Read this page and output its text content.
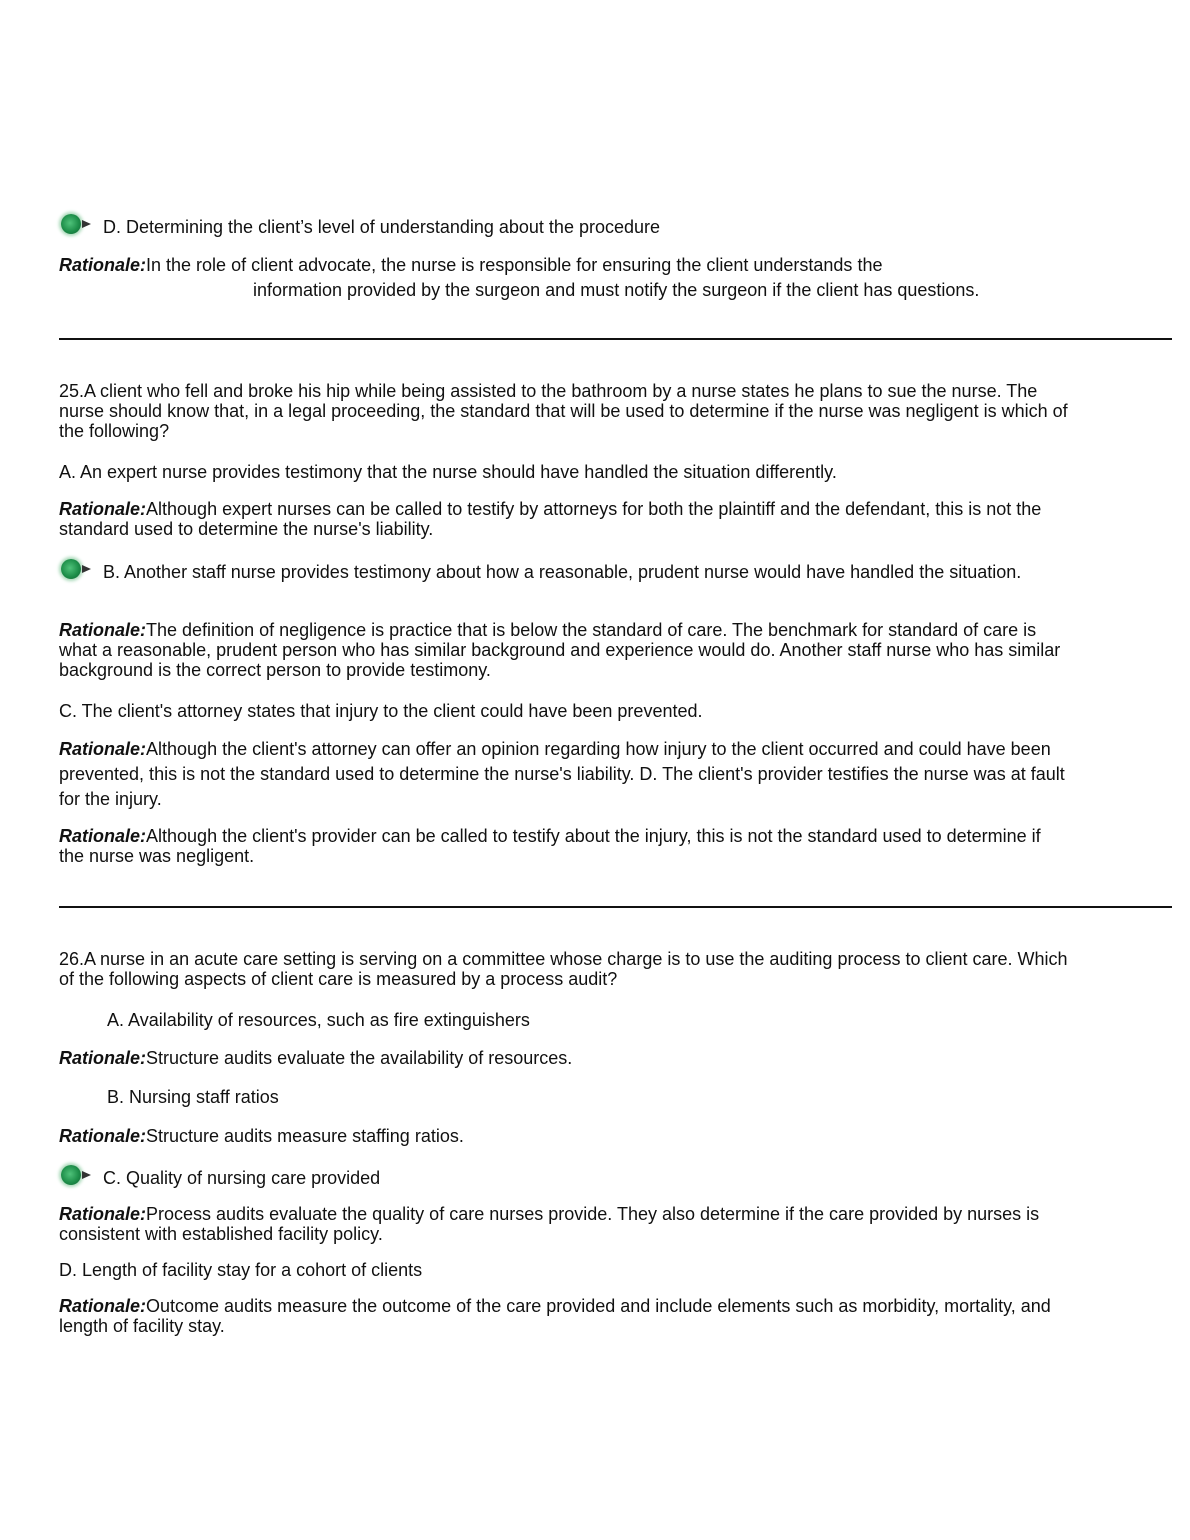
D. Determining the client’s level of understanding about the procedure

Rationale:In the role of client advocate, the nurse is responsible for ensuring the client understands the

information provided by the surgeon and must notify the surgeon if the client has questions.

25.A client who fell and broke his hip while being assisted to the bathroom by a nurse states he plans to sue the nurse. The nurse should know that, in a legal proceeding, the standard that will be used to determine if the nurse was negligent is which of the following?

A. An expert nurse provides testimony that the nurse should have handled the situation differently.

Rationale:Although expert nurses can be called to testify by attorneys for both the plaintiff and the defendant, this is not the standard used to determine the nurse's liability.

B. Another staff nurse provides testimony about how a reasonable, prudent nurse would have handled the situation.

Rationale:The definition of negligence is practice that is below the standard of care. The benchmark for standard of care is what a reasonable, prudent person who has similar background and experience would do. Another staff nurse who has similar background is the correct person to provide testimony.

C. The client's attorney states that injury to the client could have been prevented.

Rationale:Although the client's attorney can offer an opinion regarding how injury to the client occurred and could have been prevented, this is not the standard used to determine the nurse's liability. D. The client's provider testifies the nurse was at fault for the injury.

Rationale:Although the client's provider can be called to testify about the injury, this is not the standard used to determine if the nurse was negligent.

26.A nurse in an acute care setting is serving on a committee whose charge is to use the auditing process to client care. Which of the following aspects of client care is measured by a process audit?

A. Availability of resources, such as fire extinguishers

Rationale:Structure audits evaluate the availability of resources.

B. Nursing staff ratios

Rationale:Structure audits measure staffing ratios.

C. Quality of nursing care provided

Rationale:Process audits evaluate the quality of care nurses provide. They also determine if the care provided by nurses is consistent with established facility policy.

D. Length of facility stay for a cohort of clients

Rationale:Outcome audits measure the outcome of the care provided and include elements such as morbidity, mortality, and length of facility stay.
